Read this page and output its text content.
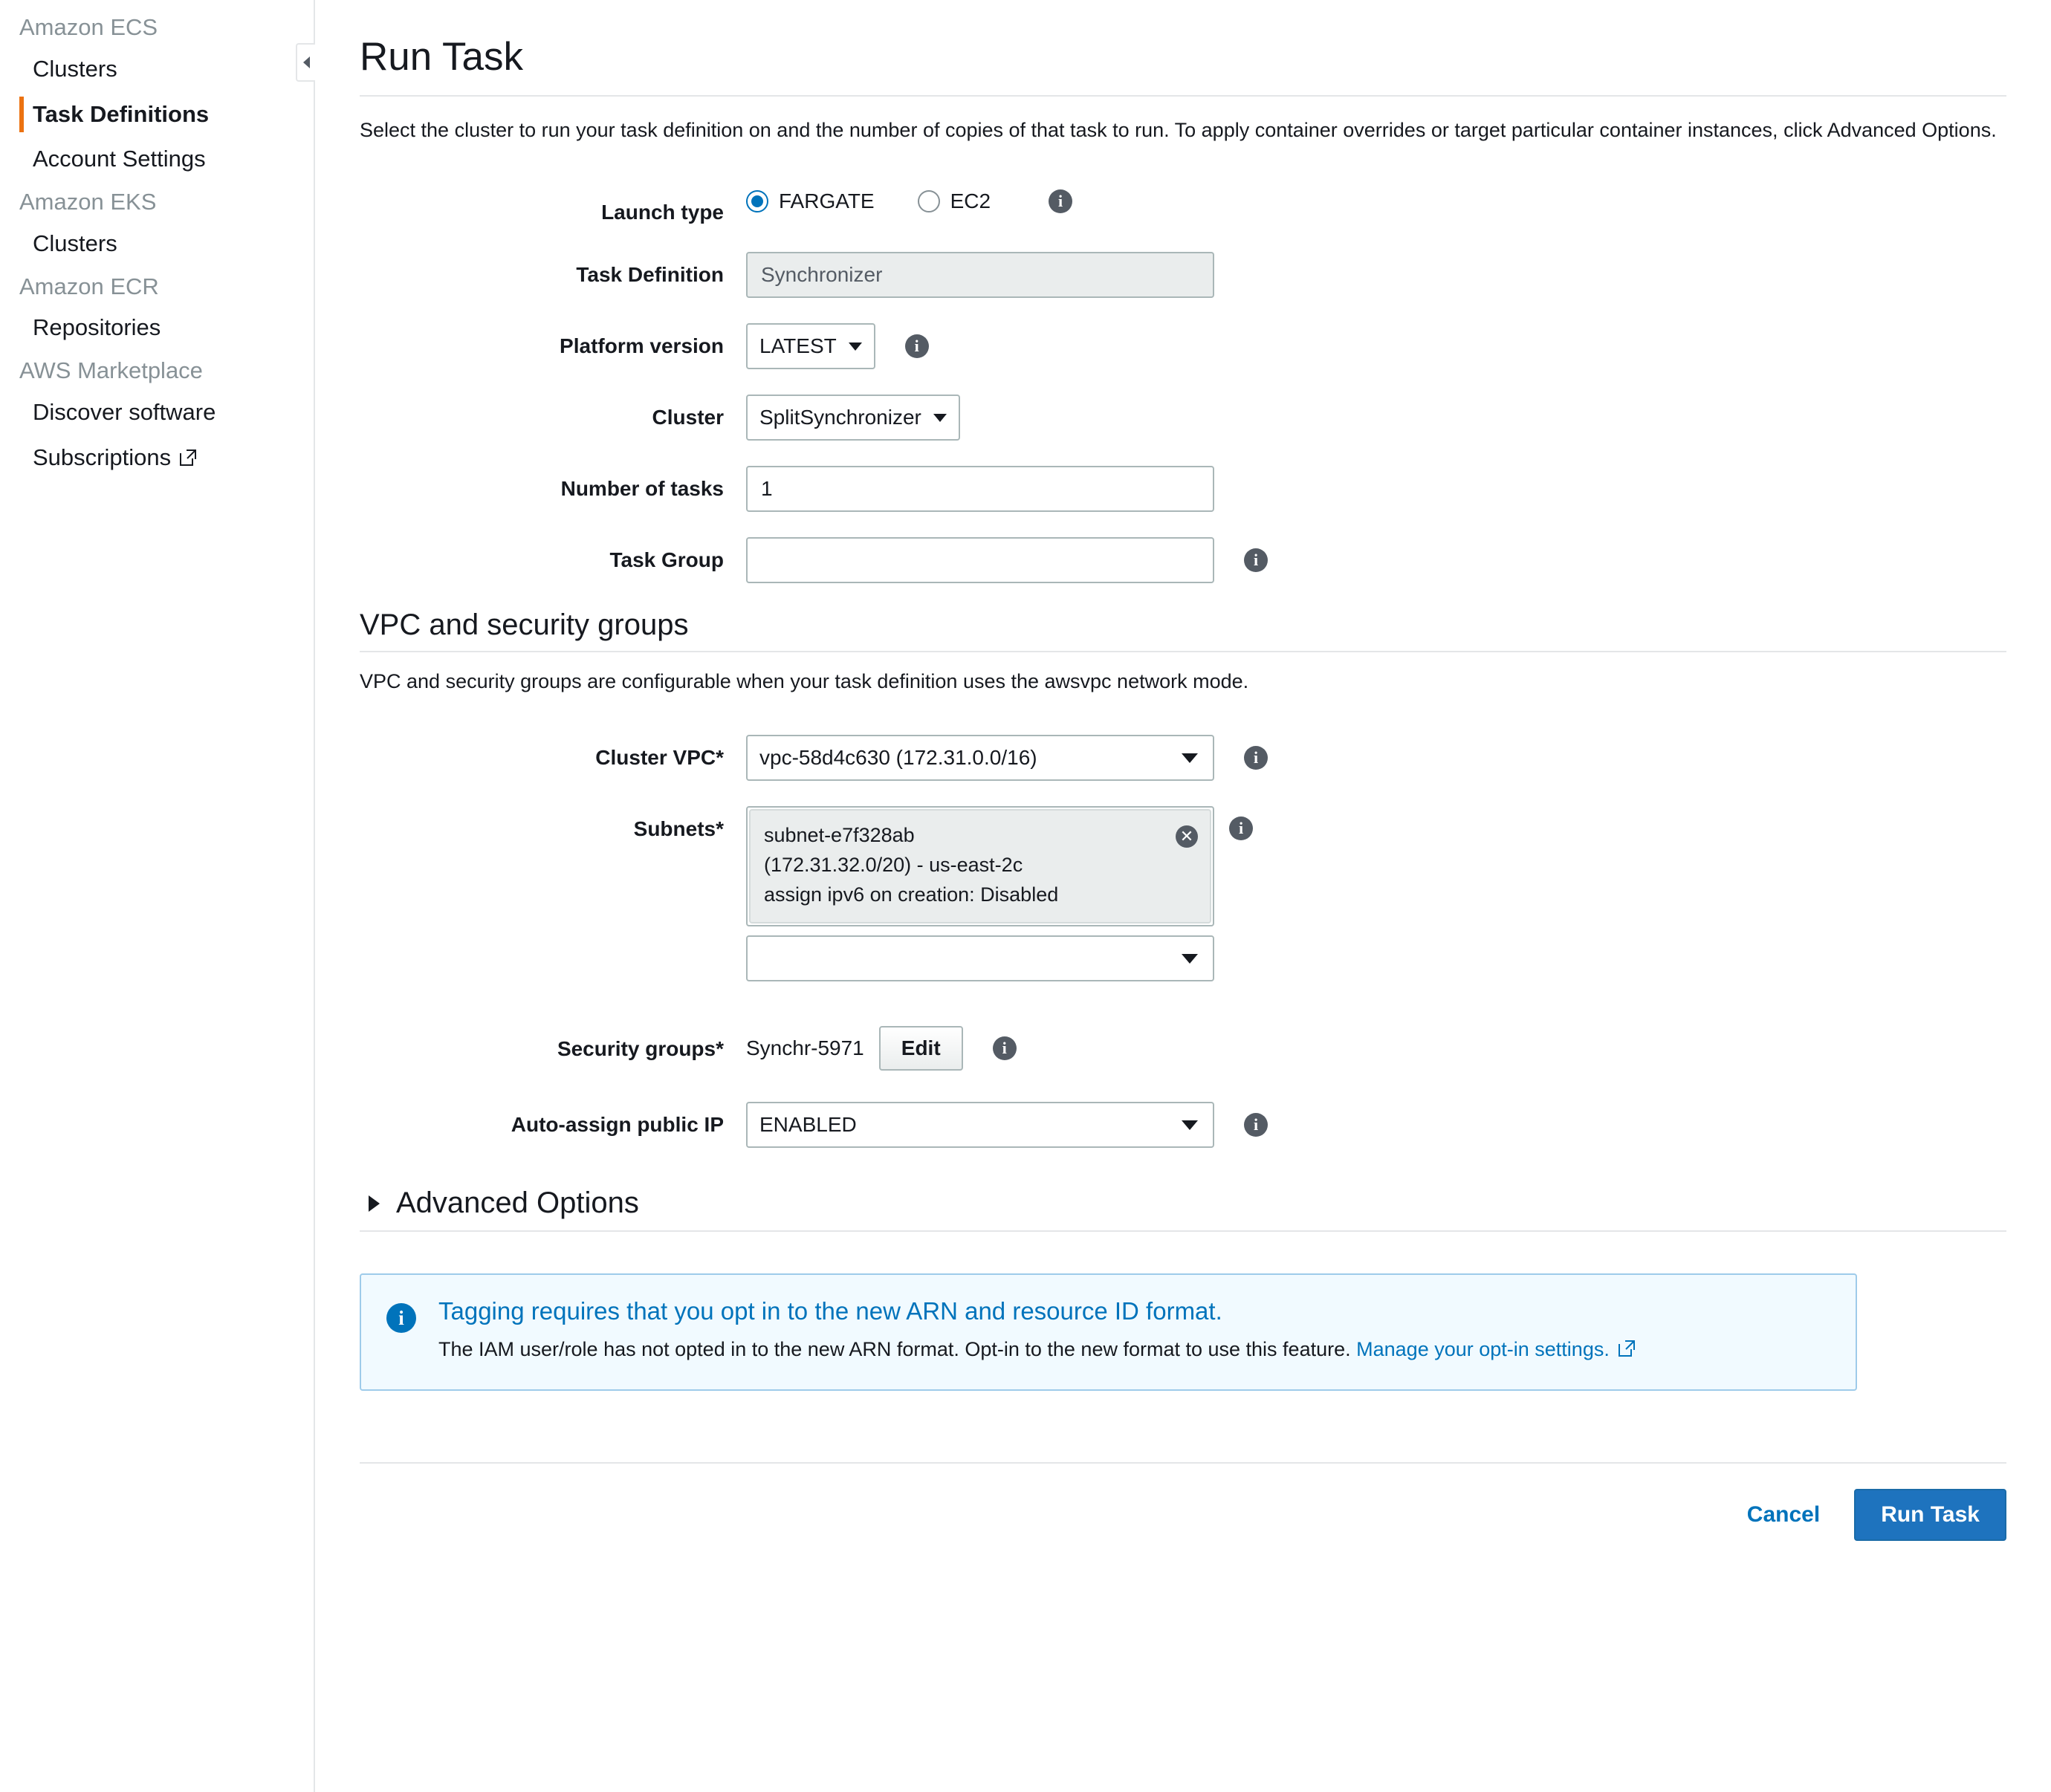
Amazon ECS
Clusters
Task Definitions
Account Settings
Amazon EKS
Clusters
Amazon ECR
Repositories
AWS Marketplace
Discover software
Subscriptions
Run Task
Select the cluster to run your task definition on and the number of copies of that task to run. To apply container overrides or target particular container instances, click Advanced Options.
Launch type	FARGATE	EC2	i
Task Definition	Synchronizer
Platform version	LATEST	i
Cluster	SplitSynchronizer
Number of tasks	1
Task Group	i
VPC and security groups
VPC and security groups are configurable when your task definition uses the awsvpc network mode.
Cluster VPC*	vpc-58d4c630 (172.31.0.0/16)	i
Subnets*	subnet-e7f328ab
(172.31.32.0/20) - us-east-2c
assign ipv6 on creation: Disabled
✕	i
Security groups*	Synchr-5971	Edit	i
Auto-assign public IP	ENABLED	i
Advanced Options
i	Tagging requires that you opt in to the new ARN and resource ID format.
The IAM user/role has not opted in to the new ARN format. Opt-in to the new format to use this feature. Manage your opt-in settings.
Cancel	Run Task
